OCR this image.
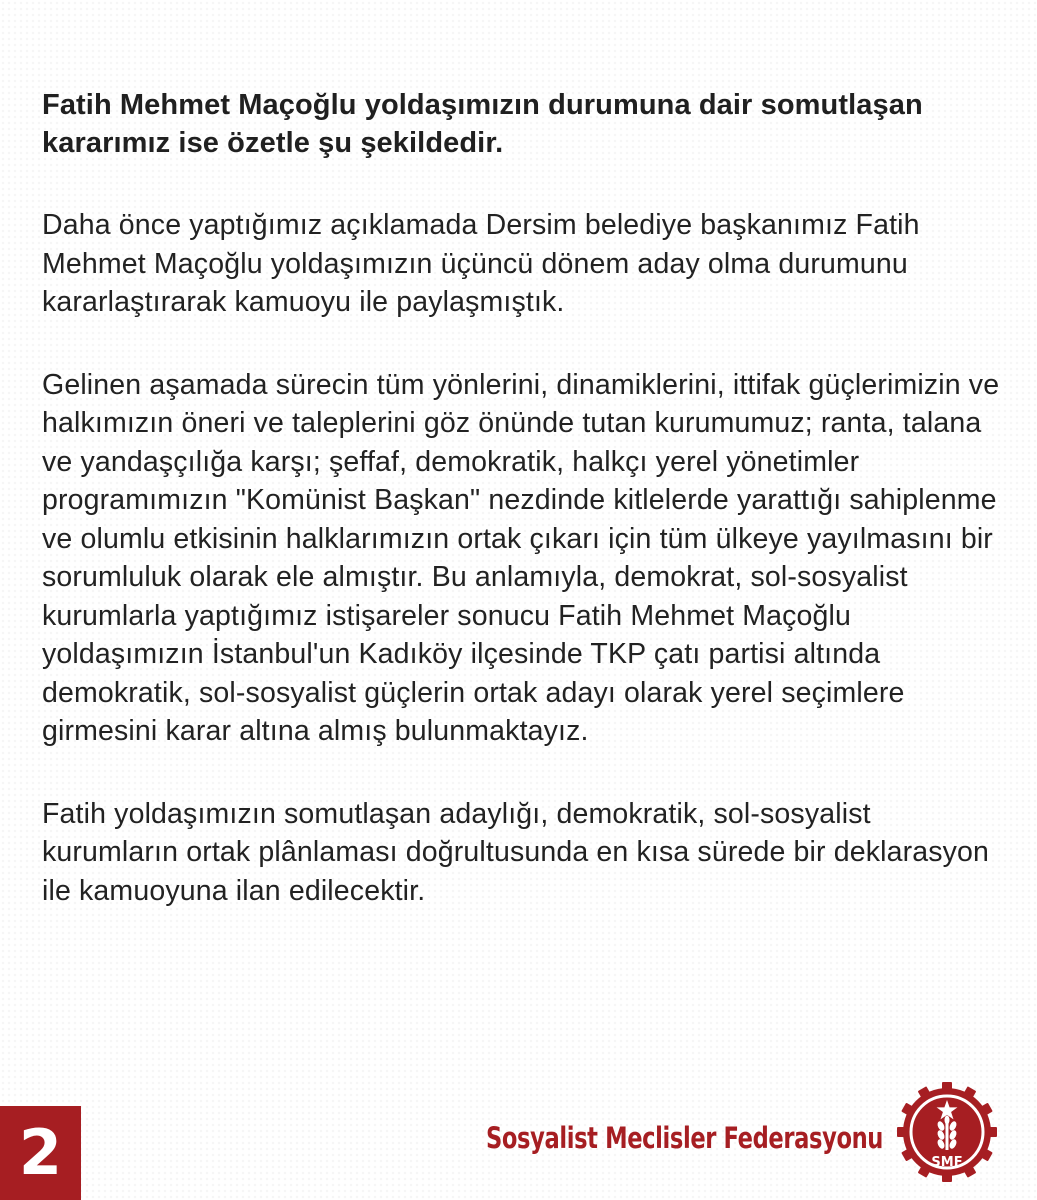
Fatih Mehmet Maçoğlu yoldaşımızın durumuna dair somutlaşan kararımız ise özetle şu şekildedir.

Daha önce yaptığımız açıklamada Dersim belediye başkanımız Fatih Mehmet Maçoğlu yoldaşımızın üçüncü dönem aday olma durumunu kararlaştırarak kamuoyu ile paylaşmıştık.

Gelinen aşamada sürecin tüm yönlerini, dinamiklerini, ittifak güçlerimizin ve halkımızın öneri ve taleplerini göz önünde tutan kurumumuz; ranta, talana ve yandaşçılığa karşı; şeffaf, demokratik, halkçı yerel yönetimler programımızın "Komünist Başkan" nezdinde kitlelerde yarattığı sahiplenme ve olumlu etkisinin halklarımızın ortak çıkarı için tüm ülkeye yayılmasını bir sorumluluk olarak ele almıştır. Bu anlamıyla, demokrat, sol-sosyalist kurumlarla yaptığımız istişareler sonucu Fatih Mehmet Maçoğlu yoldaşımızın İstanbul'un Kadıköy ilçesinde TKP çatı partisi altında demokratik, sol-sosyalist güçlerin ortak adayı olarak yerel seçimlere girmesini karar altına almış bulunmaktayız.

Fatih yoldaşımızın somutlaşan adaylığı, demokratik, sol-sosyalist kurumların ortak plânlaması doğrultusunda en kısa sürede bir deklarasyon ile kamuoyuna ilan edilecektir.

2	Sosyalist Meclisler Federasyonu
SMF
